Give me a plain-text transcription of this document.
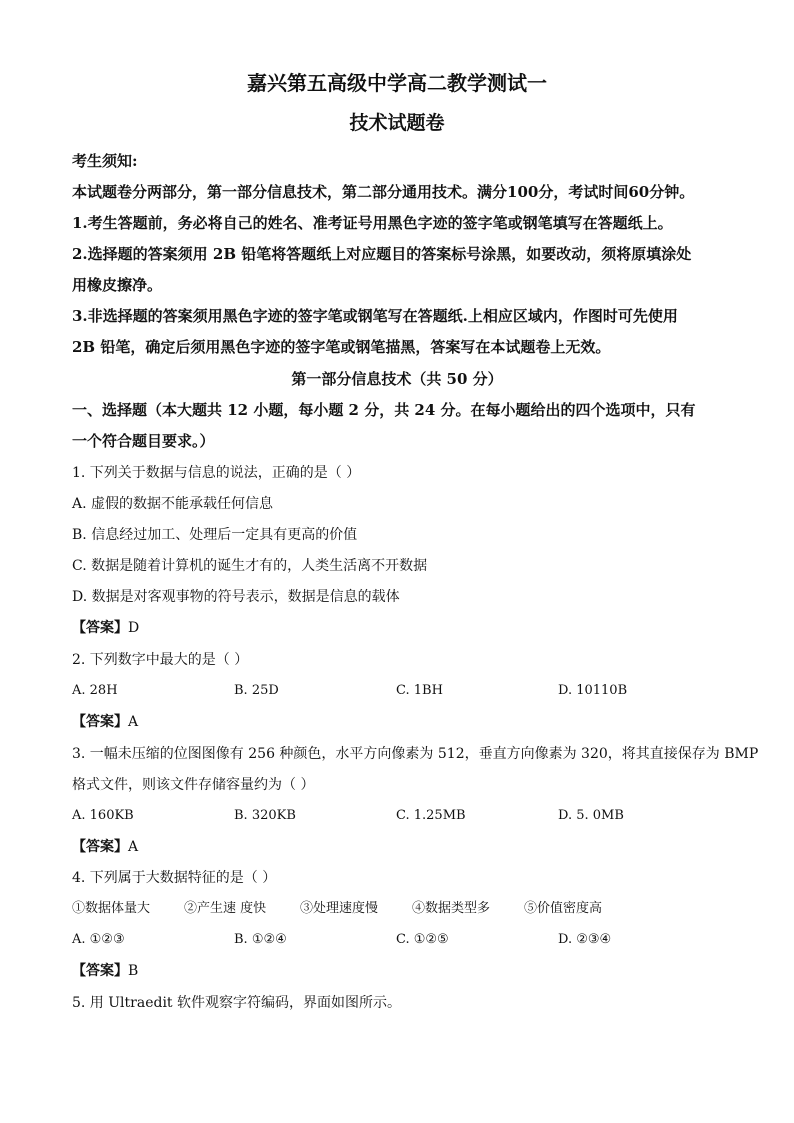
嘉兴第五高级中学高二教学测试一
技术试题卷
考生须知:
本试题卷分两部分，第一部分信息技术，第二部分通用技术。满分100分，考试时间60分钟。
1.考生答题前，务必将自己的姓名、准考证号用黑色字迹的签字笔或钢笔填写在答题纸上。
2.选择题的答案须用 2B 铅笔将答题纸上对应题目的答案标号涂黑，如要改动，须将原填涂处
用橡皮擦净。
3.非选择题的答案须用黑色字迹的签字笔或钢笔写在答题纸.上相应区域内，作图时可先使用
2B 铅笔，确定后须用黑色字迹的签字笔或钢笔描黑，答案写在本试题卷上无效。
第一部分信息技术（共 50 分）
一、选择题（本大题共 12 小题，每小题 2 分，共 24 分。在每小题给出的四个选项中，只有
一个符合题目要求。）
1. 下列关于数据与信息的说法，正确的是（ ）
A. 虚假的数据不能承载任何信息
B. 信息经过加工、处理后一定具有更高的价值
C. 数据是随着计算机的诞生才有的，人类生活离不开数据
D. 数据是对客观事物的符号表示，数据是信息的载体
【答案】D
2. 下列数字中最大的是（ ）
A. 28H	B. 25D	C. 1BH	D. 10110B
【答案】A
3. 一幅未压缩的位图图像有 256 种颜色，水平方向像素为 512，垂直方向像素为 320，将其直接保存为 BMP
格式文件，则该文件存储容量约为（ ）
A. 160KB	B. 320KB	C. 1.25MB	D. 5. 0MB
【答案】A
4. 下列属于大数据特征的是（ ）
①数据体量大	②产生速 度快	③处理速度慢	④数据类型多	⑤价值密度高
A. ①②③	B. ①②④	C. ①②⑤	D. ②③④
【答案】B
5. 用 Ultraedit 软件观察字符编码，界面如图所示。
